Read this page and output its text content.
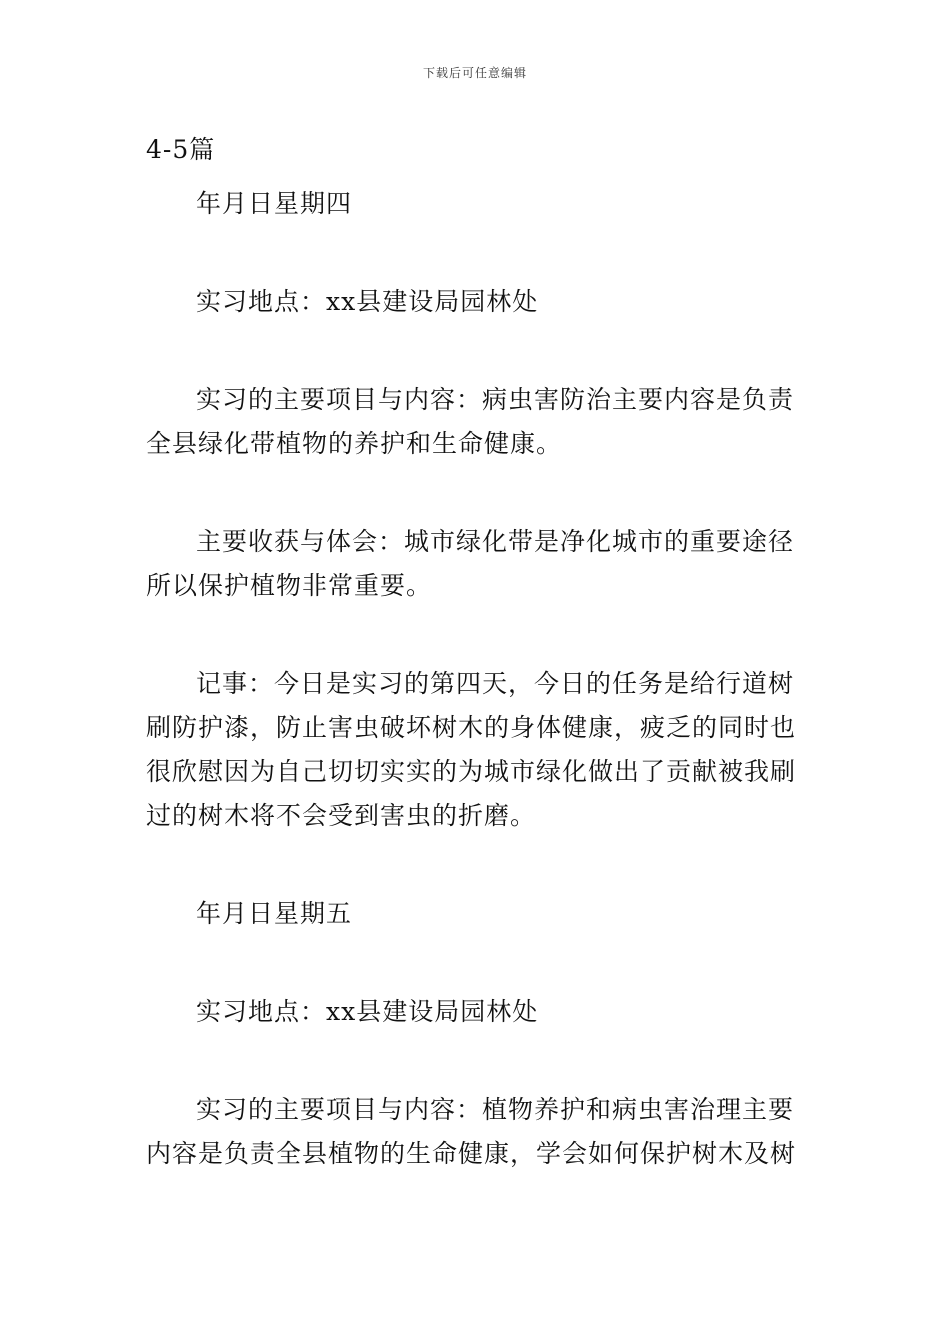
下载后可任意编辑

4-5篇

年月日星期四

实习地点：xx县建设局园林处

实习的主要项目与内容：病虫害防治主要内容是负责全县绿化带植物的养护和生命健康。

主要收获与体会：城市绿化带是净化城市的重要途径所以保护植物非常重要。

记事：今日是实习的第四天，今日的任务是给行道树刷防护漆，防止害虫破坏树木的身体健康，疲乏的同时也很欣慰因为自己切切实实的为城市绿化做出了贡献被我刷过的树木将不会受到害虫的折磨。

年月日星期五

实习地点：xx县建设局园林处

实习的主要项目与内容：植物养护和病虫害治理主要内容是负责全县植物的生命健康，学会如何保护树木及树
